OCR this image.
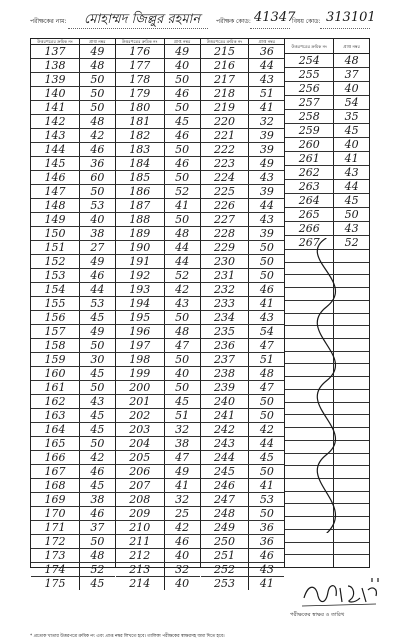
পরীক্ষকের নাম: মোহাম্মদ জিল্লুর রহমান	পরীক্ষক কোড: 41347
বিষয় কোড: 313101
উত্তরপত্রের ক্রমিক নং	প্রাপ্ত নম্বর
137	49
138	48
139	50
140	50
141	50
142	48
143	42
144	46
145	36
146	60
147	50
148	53
149	40
150	38
151	27
152	49
153	46
154	44
155	53
156	45
157	49
158	50
159	30
160	45
161	50
162	43
163	45
164	45
165	50
166	42
167	46
168	45
169	38
170	46
171	37
172	50
173	48
174	52
175	45
উত্তরপত্রের ক্রমিক নং	প্রাপ্ত নম্বর
176	49
177	40
178	50
179	46
180	50
181	45
182	46
183	50
184	46
185	50
186	52
187	41
188	50
189	48
190	44
191	44
192	52
193	42
194	43
195	50
196	48
197	47
198	50
199	40
200	50
201	45
202	51
203	32
204	38
205	47
206	49
207	41
208	32
209	25
210	42
211	46
212	40
213	32
214	40
উত্তরপত্রের ক্রমিক নং	প্রাপ্ত নম্বর
215	36
216	44
217	43
218	51
219	41
220	32
221	39
222	39
223	49
224	43
225	39
226	44
227	43
228	39
229	50
230	50
231	50
232	46
233	41
234	43
235	54
236	47
237	51
238	48
239	47
240	50
241	50
242	42
243	44
244	45
245	50
246	41
247	53
248	50
249	36
250	36
251	46
252	43
253	41
উত্তরপত্রের ক্রমিক নং	প্রাপ্ত নম্বর
254	48
255	37
256	40
257	54
258	35
259	45
260	40
261	41
262	43
263	44
264	45
265	50
266	43
267	52
পরীক্ষকের স্বাক্ষর ও তারিখ
* প্রত্যেক খাতার উত্তরপত্রে ক্রমিক নং এবং প্রাপ্ত নম্বর লিখতে হবে। তালিকা পরীক্ষকের স্বাক্ষরসহ জমা দিতে হবে।
